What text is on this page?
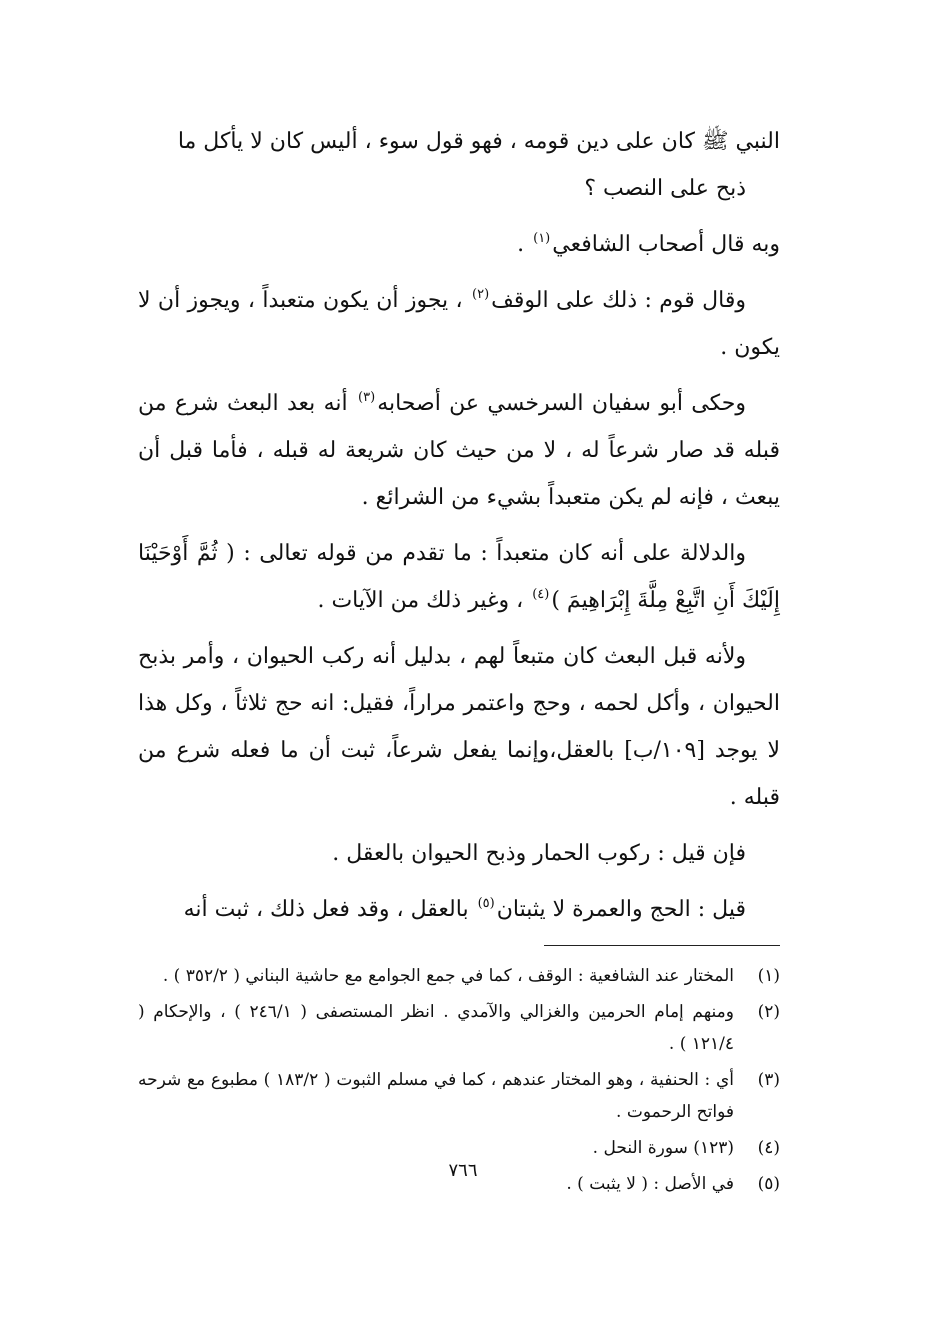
النبي ﷺ كان على دين قومه ، فهو قول سوء ، أليس كان لا يأكل ما
ذبح على النصب ؟

وبه قال أصحاب الشافعي$^{(١)}$ .

وقال قوم : ذلك على الوقف$^{(٢)}$ ، يجوز أن يكون متعبداً ، ويجوز أن لا يكون .

وحكى أبو سفيان السرخسي عن أصحابه$^{(٣)}$ أنه بعد البعث شرع من قبله قد صار شرعاً له ، لا من حيث كان شريعة له قبله ، فأما قبل أن يبعث ، فإنه لم يكن متعبداً بشيء من الشرائع .

والدلالة على أنه كان متعبداً : ما تقدم من قوله تعالى : ( ثُمَّ أَوْحَيْنَا إِلَيْكَ أَنِ اتَّبِعْ مِلَّةَ إِبْرَاهِيمَ )$^{(٤)}$ ، وغير ذلك من الآيات .

ولأنه قبل البعث كان متبعاً لهم ، بدليل أنه ركب الحيوان ، وأمر بذبح الحيوان ، وأكل لحمه ، وحج واعتمر مراراً، فقيل: انه حج ثلاثاً ، وكل هذا لا يوجد [١٠٩/ب] بالعقل،وإنما يفعل شرعاً، ثبت أن ما فعله شرع من قبله .

فإن قيل : ركوب الحمار وذبح الحيوان بالعقل .

قيل : الحج والعمرة لا يثبتان$^{(٥)}$ بالعقل ، وقد فعل ذلك ، ثبت أنه

(١)
المختار عند الشافعية : الوقف ، كما في جمع الجوامع مع حاشية البناني ( ٣٥٢/٢ ) .
(٢)
ومنهم إمام الحرمين والغزالي والآمدي . انظر المستصفى ( ٢٤٦/١ ) ، والإحكام ( ١٢١/٤ ) .
(٣)
أي : الحنفية ، وهو المختار عندهم ، كما في مسلم الثبوت ( ١٨٣/٢ ) مطبوع مع شرحه فواتح الرحموت .
(٤)
(١٢٣) سورة النحل .
(٥)
في الأصل : ( لا يثبت ) .
٧٦٦
